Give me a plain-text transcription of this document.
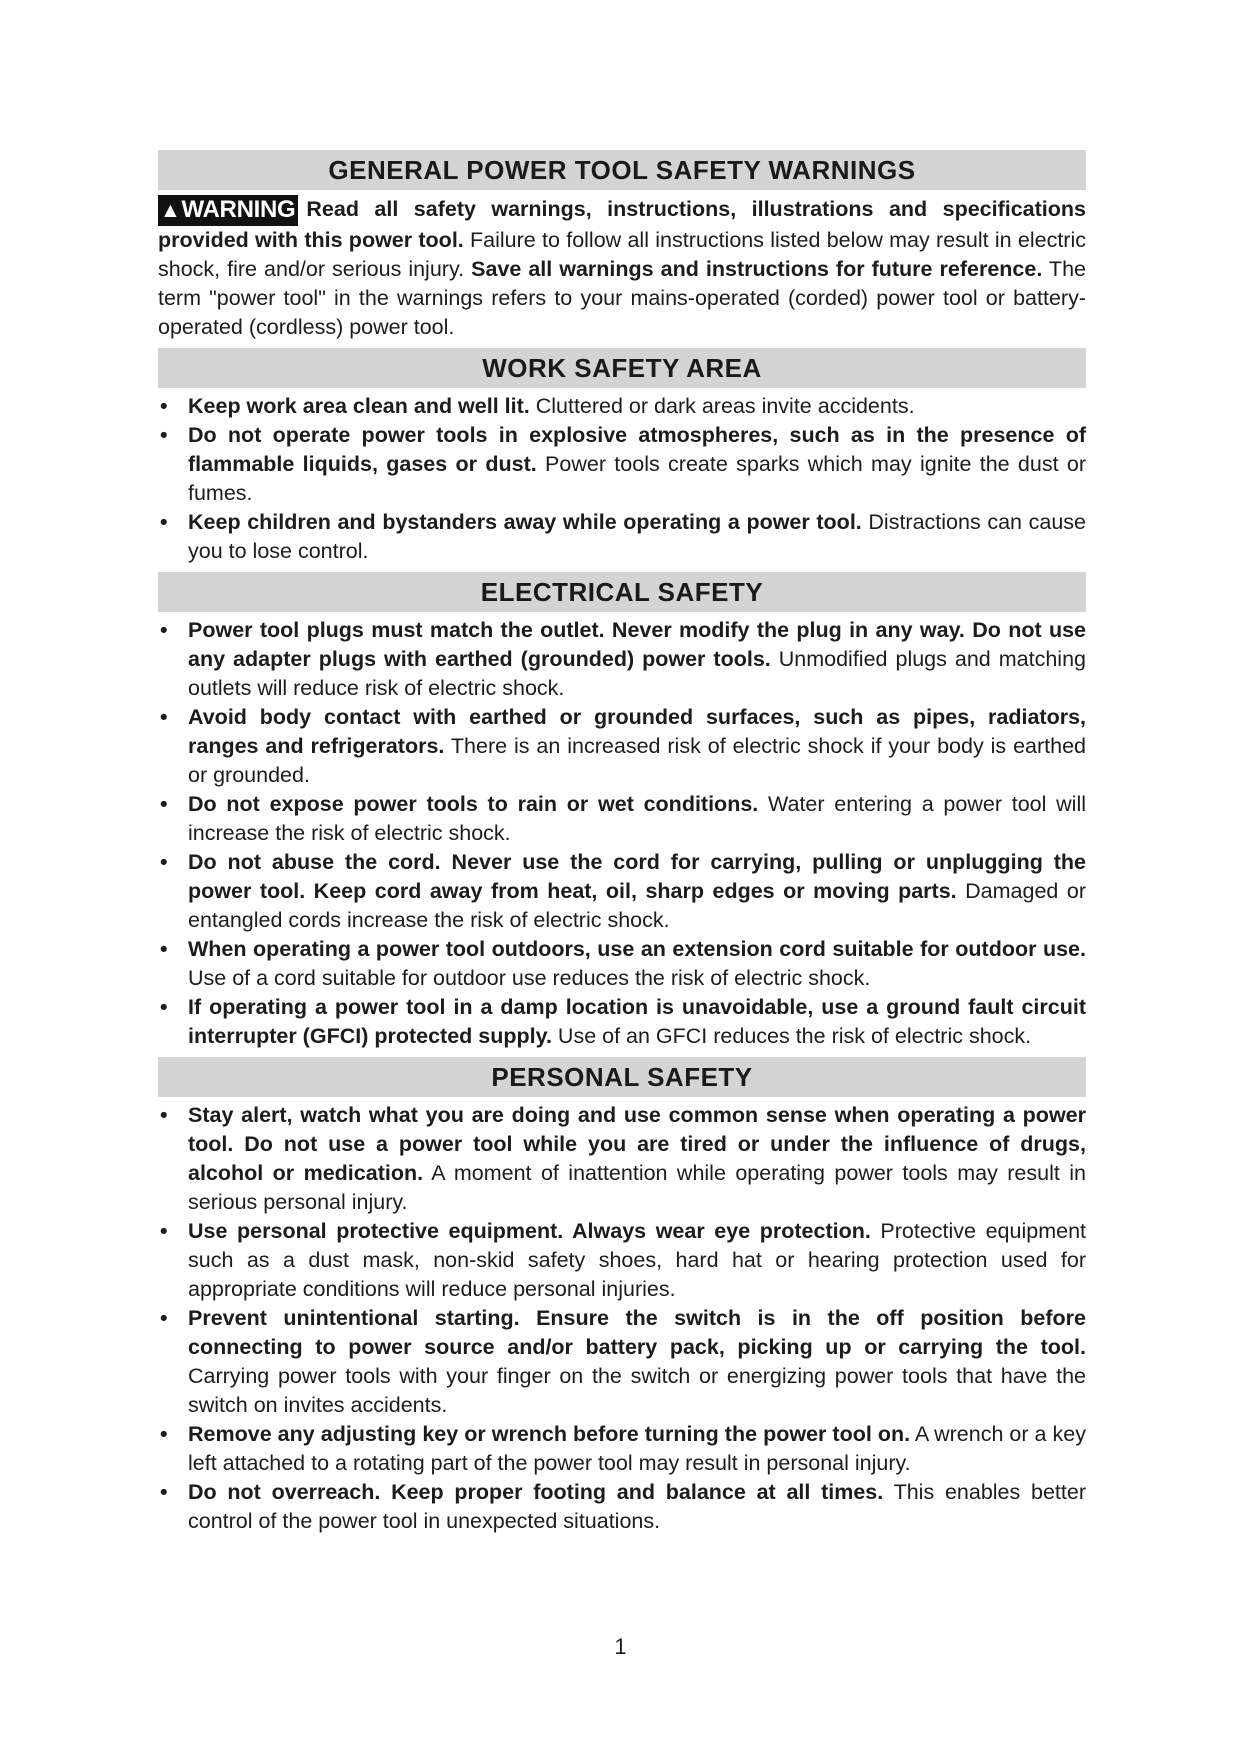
GENERAL POWER TOOL SAFETY WARNINGS

▲WARNING Read all safety warnings, instructions, illustrations and specifications provided with this power tool. Failure to follow all instructions listed below may result in electric shock, fire and/or serious injury. Save all warnings and instructions for future reference. The term "power tool" in the warnings refers to your mains-operated (corded) power tool or battery-operated (cordless) power tool.

WORK SAFETY AREA
• Keep work area clean and well lit. Cluttered or dark areas invite accidents.
• Do not operate power tools in explosive atmospheres, such as in the presence of flammable liquids, gases or dust. Power tools create sparks which may ignite the dust or fumes.
• Keep children and bystanders away while operating a power tool. Distractions can cause you to lose control.
ELECTRICAL SAFETY
• Power tool plugs must match the outlet. Never modify the plug in any way. Do not use any adapter plugs with earthed (grounded) power tools. Unmodified plugs and matching outlets will reduce risk of electric shock.
• Avoid body contact with earthed or grounded surfaces, such as pipes, radiators, ranges and refrigerators. There is an increased risk of electric shock if your body is earthed or grounded.
• Do not expose power tools to rain or wet conditions. Water entering a power tool will increase the risk of electric shock.
• Do not abuse the cord. Never use the cord for carrying, pulling or unplugging the power tool. Keep cord away from heat, oil, sharp edges or moving parts. Damaged or entangled cords increase the risk of electric shock.
• When operating a power tool outdoors, use an extension cord suitable for outdoor use. Use of a cord suitable for outdoor use reduces the risk of electric shock.
• If operating a power tool in a damp location is unavoidable, use a ground fault circuit interrupter (GFCI) protected supply. Use of an GFCI reduces the risk of electric shock.
PERSONAL SAFETY
• Stay alert, watch what you are doing and use common sense when operating a power tool. Do not use a power tool while you are tired or under the influence of drugs, alcohol or medication. A moment of inattention while operating power tools may result in serious personal injury.
• Use personal protective equipment. Always wear eye protection. Protective equipment such as a dust mask, non-skid safety shoes, hard hat or hearing protection used for appropriate conditions will reduce personal injuries.
• Prevent unintentional starting. Ensure the switch is in the off position before connecting to power source and/or battery pack, picking up or carrying the tool. Carrying power tools with your finger on the switch or energizing power tools that have the switch on invites accidents.
• Remove any adjusting key or wrench before turning the power tool on. A wrench or a key left attached to a rotating part of the power tool may result in personal injury.
• Do not overreach. Keep proper footing and balance at all times. This enables better control of the power tool in unexpected situations.
1
